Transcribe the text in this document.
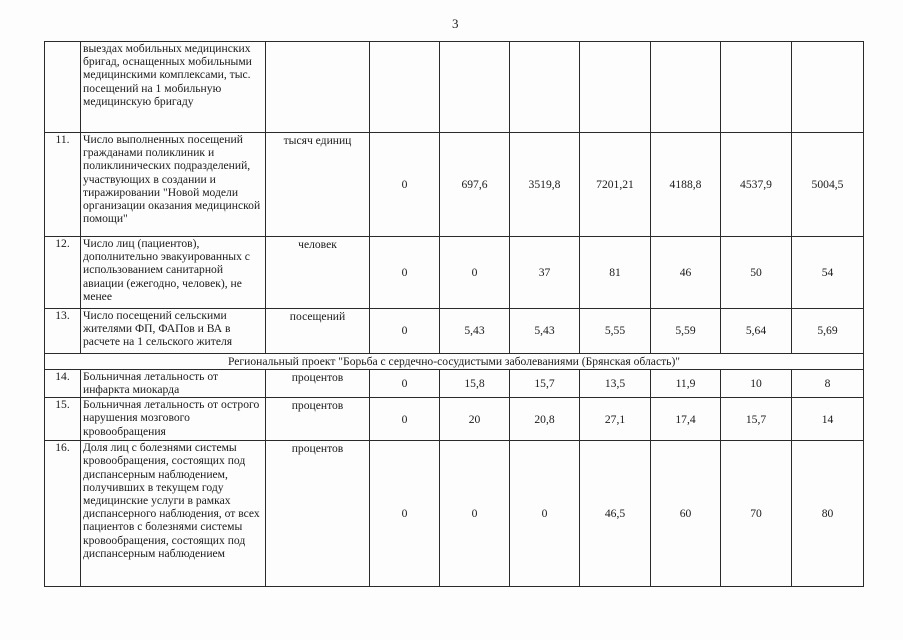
3
	выездах мобильных медицинских бригад, оснащенных мобильными медицинскими комплексами, тыс. посещений на 1 мобильную медицинскую бригаду								
11.	Число выполненных посещений гражданами поликлиник и поликлинических подразделений, участвующих в создании и тиражировании "Новой модели организации оказания медицинской помощи"	тысяч единиц	0	697,6	3519,8	7201,21	4188,8	4537,9	5004,5
12.	Число лиц (пациентов), дополнительно эвакуированных с использованием санитарной авиации (ежегодно, человек), не менее	человек	0	0	37	81	46	50	54
13.	Число посещений сельскими жителями ФП, ФАПов и ВА в расчете на 1 сельского жителя	посещений	0	5,43	5,43	5,55	5,59	5,64	5,69
Региональный проект "Борьба с сердечно-сосудистыми заболеваниями (Брянская область)"									
14.	Больничная летальность от инфаркта миокарда	процентов	0	15,8	15,7	13,5	11,9	10	8
15.	Больничная летальность от острого нарушения мозгового кровообращения	процентов	0	20	20,8	27,1	17,4	15,7	14
16.	Доля лиц с болезнями системы кровообращения, состоящих под диспансерным наблюдением, получивших в текущем году медицинские услуги в рамках диспансерного наблюдения, от всех пациентов с болезнями системы кровообращения, состоящих под диспансерным наблюдением	процентов	0	0	0	46,5	60	70	80
